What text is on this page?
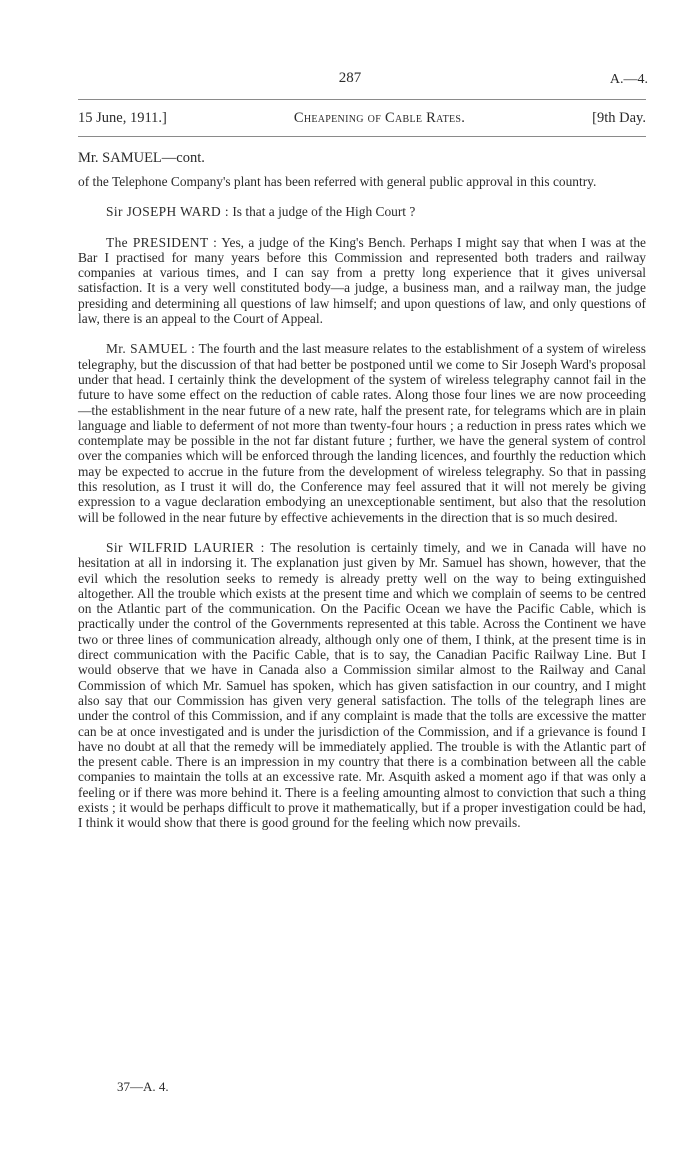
287	A.—4.
15 June, 1911.]	Cheapening of Cable Rates.	[9th Day.
Mr. SAMUEL—cont.

of the Telephone Company's plant has been referred with general public approval in this country.

Sir JOSEPH WARD : Is that a judge of the High Court ?

The PRESIDENT : Yes, a judge of the King's Bench. Perhaps I might say that when I was at the Bar I practised for many years before this Commission and represented both traders and railway companies at various times, and I can say from a pretty long experience that it gives universal satisfaction. It is a very well constituted body—a judge, a business man, and a railway man, the judge presiding and determining all questions of law himself; and upon questions of law, and only questions of law, there is an appeal to the Court of Appeal.

Mr. SAMUEL : The fourth and the last measure relates to the establishment of a system of wireless telegraphy, but the discussion of that had better be postponed until we come to Sir Joseph Ward's proposal under that head. I certainly think the development of the system of wireless telegraphy cannot fail in the future to have some effect on the reduction of cable rates. Along those four lines we are now proceeding—the establishment in the near future of a new rate, half the present rate, for telegrams which are in plain language and liable to deferment of not more than twenty-four hours ; a reduction in press rates which we contemplate may be possible in the not far distant future ; further, we have the general system of control over the companies which will be enforced through the landing licences, and fourthly the reduction which may be expected to accrue in the future from the development of wireless telegraphy. So that in passing this resolution, as I trust it will do, the Conference may feel assured that it will not merely be giving expression to a vague declaration embodying an unexceptionable sentiment, but also that the resolution will be followed in the near future by effective achievements in the direction that is so much desired.

Sir WILFRID LAURIER : The resolution is certainly timely, and we in Canada will have no hesitation at all in indorsing it. The explanation just given by Mr. Samuel has shown, however, that the evil which the resolution seeks to remedy is already pretty well on the way to being extinguished altogether. All the trouble which exists at the present time and which we complain of seems to be centred on the Atlantic part of the communication. On the Pacific Ocean we have the Pacific Cable, which is practically under the control of the Governments represented at this table. Across the Continent we have two or three lines of communication already, although only one of them, I think, at the present time is in direct communication with the Pacific Cable, that is to say, the Canadian Pacific Railway Line. But I would observe that we have in Canada also a Commission similar almost to the Railway and Canal Commission of which Mr. Samuel has spoken, which has given satisfaction in our country, and I might also say that our Commission has given very general satisfaction. The tolls of the telegraph lines are under the control of this Commission, and if any complaint is made that the tolls are excessive the matter can be at once investigated and is under the jurisdiction of the Commission, and if a grievance is found I have no doubt at all that the remedy will be immediately applied. The trouble is with the Atlantic part of the present cable. There is an impression in my country that there is a combination between all the cable companies to maintain the tolls at an excessive rate. Mr. Asquith asked a moment ago if that was only a feeling or if there was more behind it. There is a feeling amounting almost to conviction that such a thing exists ; it would be perhaps difficult to prove it mathematically, but if a proper investigation could be had, I think it would show that there is good ground for the feeling which now prevails.

37—A. 4.
